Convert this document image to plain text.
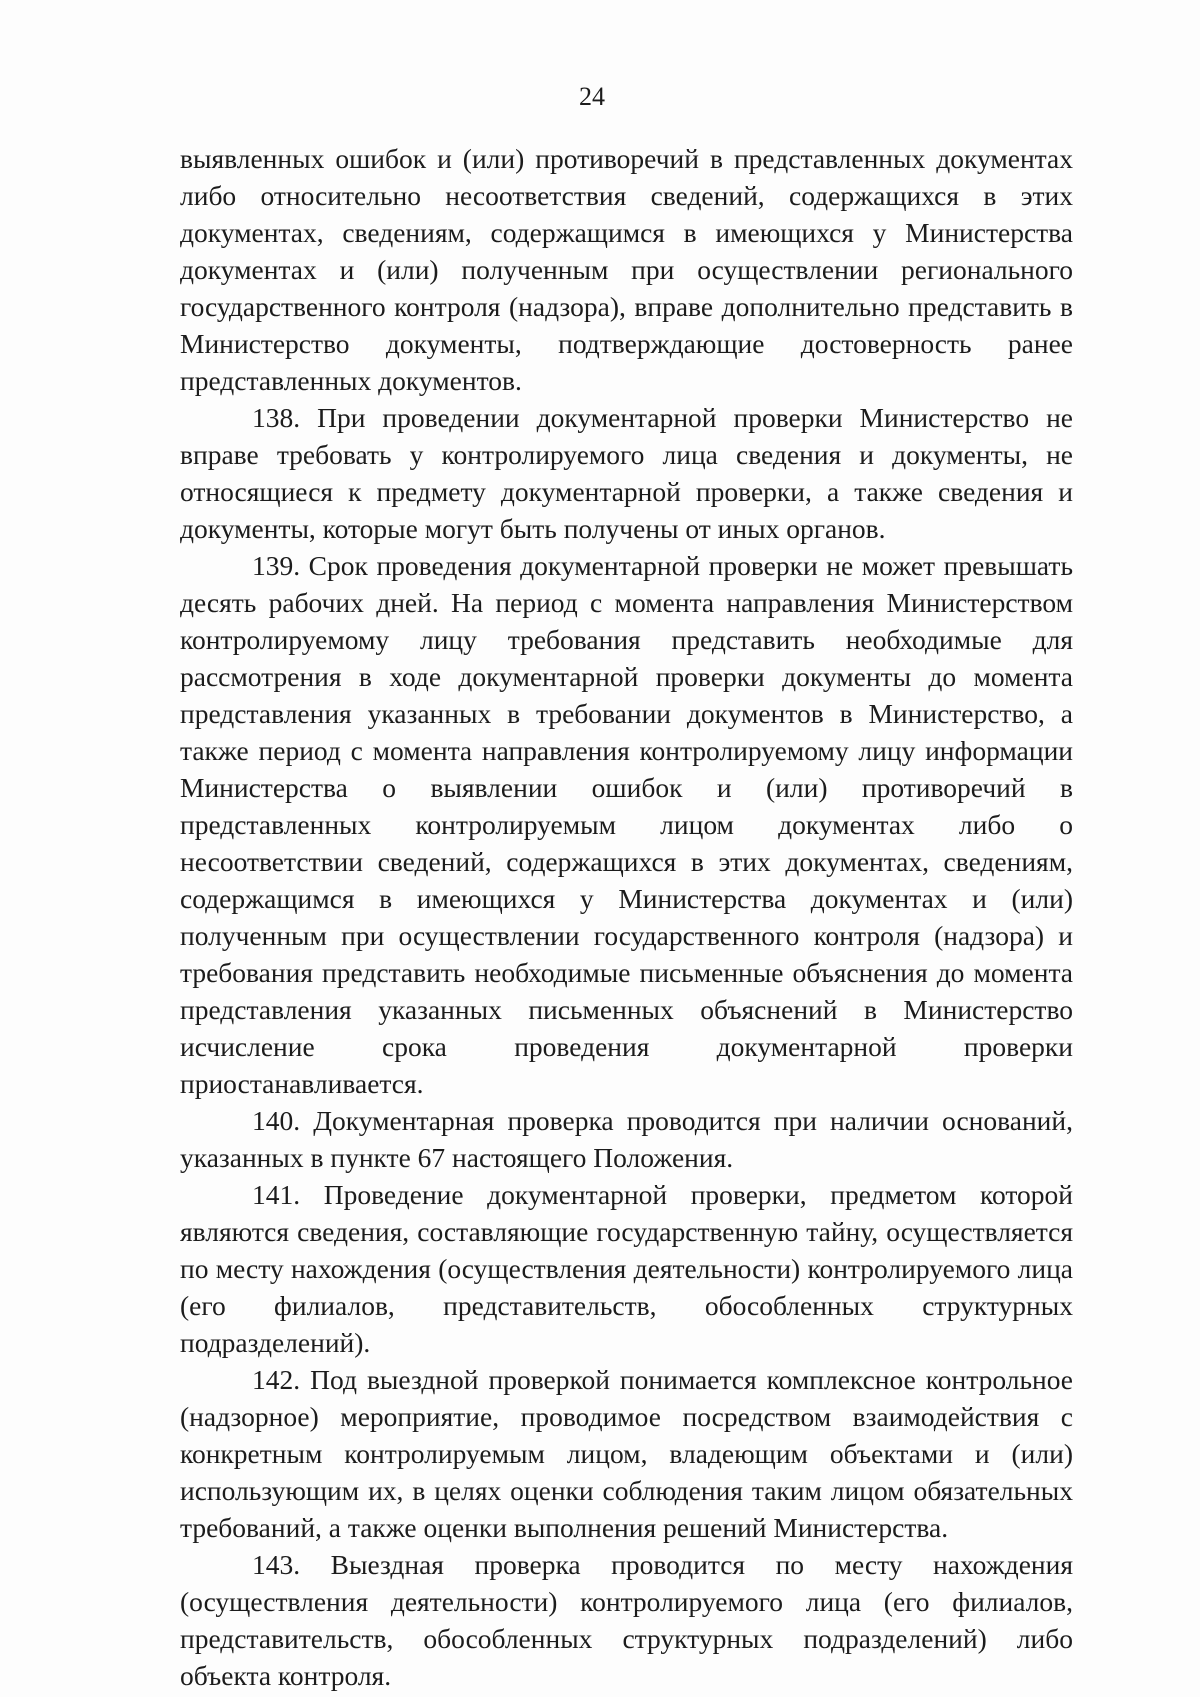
24

выявленных ошибок и (или) противоречий в представленных документах либо относительно несоответствия сведений, содержащихся в этих документах, сведениям, содержащимся в имеющихся у Министерства документах и (или) полученным при осуществлении регионального государственного контроля (надзора), вправе дополнительно представить в Министерство документы, подтверждающие достоверность ранее представленных документов.

138. При проведении документарной проверки Министерство не вправе требовать у контролируемого лица сведения и документы, не относящиеся к предмету документарной проверки, а также сведения и документы, которые могут быть получены от иных органов.

139. Срок проведения документарной проверки не может превышать десять рабочих дней. На период с момента направления Министерством контролируемому лицу требования представить необходимые для рассмотрения в ходе документарной проверки документы до момента представления указанных в требовании документов в Министерство, а также период с момента направления контролируемому лицу информации Министерства о выявлении ошибок и (или) противоречий в представленных контролируемым лицом документах либо о несоответствии сведений, содержащихся в этих документах, сведениям, содержащимся в имеющихся у Министерства документах и (или) полученным при осуществлении государственного контроля (надзора) и требования представить необходимые письменные объяснения до момента представления указанных письменных объяснений в Министерство исчисление срока проведения документарной проверки приостанавливается.

140. Документарная проверка проводится при наличии оснований, указанных в пункте 67 настоящего Положения.

141. Проведение документарной проверки, предметом которой являются сведения, составляющие государственную тайну, осуществляется по месту нахождения (осуществления деятельности) контролируемого лица (его филиалов, представительств, обособленных структурных подразделений).

142. Под выездной проверкой понимается комплексное контрольное (надзорное) мероприятие, проводимое посредством взаимодействия с конкретным контролируемым лицом, владеющим объектами и (или) использующим их, в целях оценки соблюдения таким лицом обязательных требований, а также оценки выполнения решений Министерства.

143. Выездная проверка проводится по месту нахождения (осуществления деятельности) контролируемого лица (его филиалов, представительств, обособленных структурных подразделений) либо объекта контроля.
